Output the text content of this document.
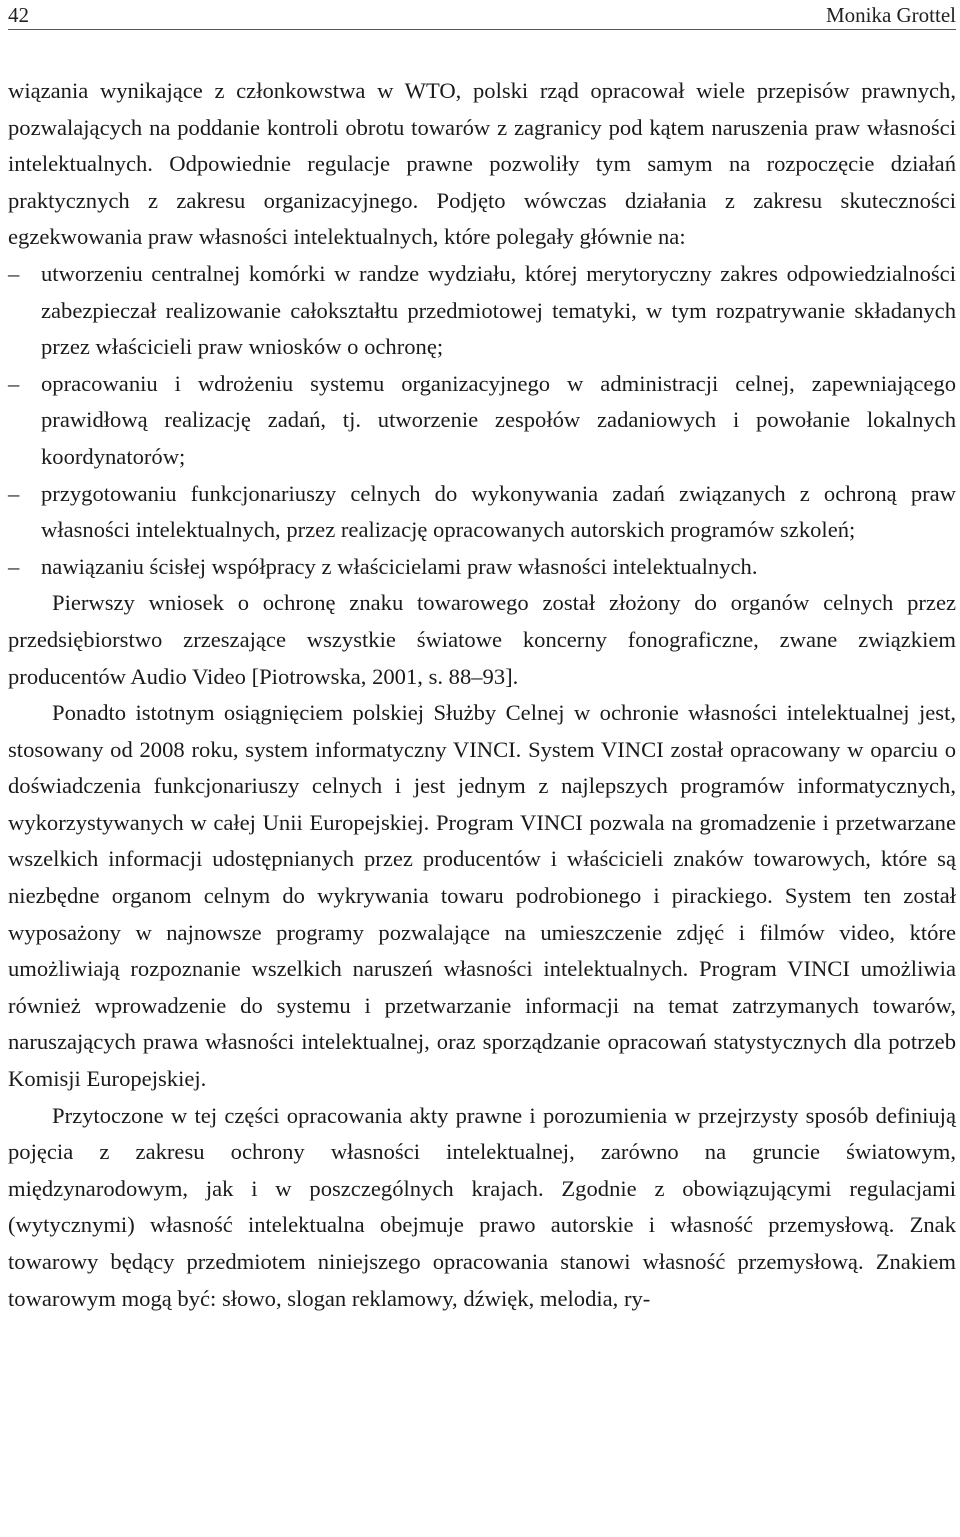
42	Monika Grottel

wiązania wynikające z członkowstwa w WTO, polski rząd opracował wiele przepisów prawnych, pozwalających na poddanie kontroli obrotu towarów z zagranicy pod kątem naruszenia praw własności intelektualnych. Odpowiednie regulacje prawne pozwoliły tym samym na rozpoczęcie działań praktycznych z zakresu organizacyjnego. Podjęto wówczas działania z zakresu skuteczności egzekwowania praw własności intelektualnych, które polegały głównie na:

– utworzeniu centralnej komórki w randze wydziału, której merytoryczny zakres odpowiedzialności zabezpieczał realizowanie całokształtu przedmiotowej tematyki, w tym rozpatrywanie składanych przez właścicieli praw wniosków o ochronę;
– opracowaniu i wdrożeniu systemu organizacyjnego w administracji celnej, zapewniającego prawidłową realizację zadań, tj. utworzenie zespołów zadaniowych i powołanie lokalnych koordynatorów;
– przygotowaniu funkcjonariuszy celnych do wykonywania zadań związanych z ochroną praw własności intelektualnych, przez realizację opracowanych autorskich programów szkoleń;
– nawiązaniu ścisłej współpracy z właścicielami praw własności intelektualnych.

Pierwszy wniosek o ochronę znaku towarowego został złożony do organów celnych przez przedsiębiorstwo zrzeszające wszystkie światowe koncerny fonograficzne, zwane związkiem producentów Audio Video [Piotrowska, 2001, s. 88–93].

Ponadto istotnym osiągnięciem polskiej Służby Celnej w ochronie własności intelektualnej jest, stosowany od 2008 roku, system informatyczny VINCI. System VINCI został opracowany w oparciu o doświadczenia funkcjonariuszy celnych i jest jednym z najlepszych programów informatycznych, wykorzystywanych w całej Unii Europejskiej. Program VINCI pozwala na gromadzenie i przetwarzane wszelkich informacji udostępnianych przez producentów i właścicieli znaków towarowych, które są niezbędne organom celnym do wykrywania towaru podrobionego i pirackiego. System ten został wyposażony w najnowsze programy pozwalające na umieszczenie zdjęć i filmów video, które umożliwiają rozpoznanie wszelkich naruszeń własności intelektualnych. Program VINCI umożliwia również wprowadzenie do systemu i przetwarzanie informacji na temat zatrzymanych towarów, naruszających prawa własności intelektualnej, oraz sporządzanie opracowań statystycznych dla potrzeb Komisji Europejskiej.

Przytoczone w tej części opracowania akty prawne i porozumienia w przejrzysty sposób definiują pojęcia z zakresu ochrony własności intelektualnej, zarówno na gruncie światowym, międzynarodowym, jak i w poszczególnych krajach. Zgodnie z obowiązującymi regulacjami (wytycznymi) własność intelektualna obejmuje prawo autorskie i własność przemysłową. Znak towarowy będący przedmiotem niniejszego opracowania stanowi własność przemysłową. Znakiem towarowym mogą być: słowo, slogan reklamowy, dźwięk, melodia, ry-
